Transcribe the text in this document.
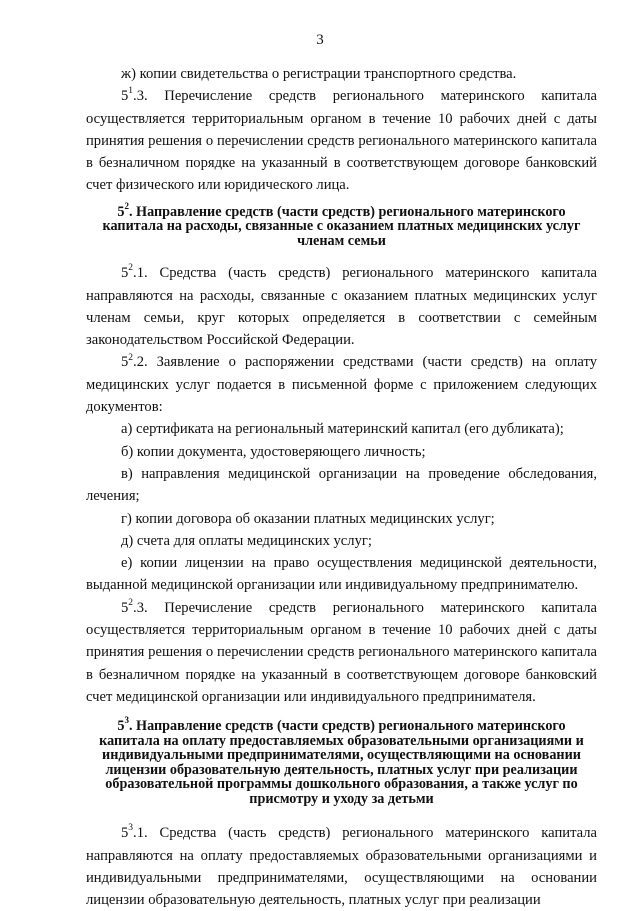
3

ж) копии свидетельства о регистрации транспортного средства.

$5^1.3$. Перечисление средств регионального материнского капитала осуществляется территориальным органом в течение 10 рабочих дней с даты принятия решения о перечислении средств регионального материнского капитала в безналичном порядке на указанный в соответствующем договоре банковский счет физического или юридического лица.

$5^2$. Направление средств (части средств) регионального материнского капитала на расходы, связанные с оказанием платных медицинских услуг членам семьи

$5^2.1$. Средства (часть средств) регионального материнского капитала направляются на расходы, связанные с оказанием платных медицинских услуг членам семьи, круг которых определяется в соответствии с семейным законодательством Российской Федерации.

$5^2.2$. Заявление о распоряжении средствами (части средств) на оплату медицинских услуг подается в письменной форме с приложением следующих документов:

а) сертификата на региональный материнский капитал (его дубликата);

б) копии документа, удостоверяющего личность;

в) направления медицинской организации на проведение обследования, лечения;

г) копии договора об оказании платных медицинских услуг;

д) счета для оплаты медицинских услуг;

е) копии лицензии на право осуществления медицинской деятельности, выданной медицинской организации или индивидуальному предпринимателю.

$5^2.3$. Перечисление средств регионального материнского капитала осуществляется территориальным органом в течение 10 рабочих дней с даты принятия решения о перечислении средств регионального материнского капитала в безналичном порядке на указанный в соответствующем договоре банковский счет медицинской организации или индивидуального предпринимателя.

$5^3$. Направление средств (части средств) регионального материнского капитала на оплату предоставляемых образовательными организациями и индивидуальными предпринимателями, осуществляющими на основании лицензии образовательную деятельность, платных услуг при реализации образовательной программы дошкольного образования, а также услуг по присмотру и уходу за детьми

$5^3.1$. Средства (часть средств) регионального материнского капитала направляются на оплату предоставляемых образовательными организациями и индивидуальными предпринимателями, осуществляющими на основании лицензии образовательную деятельность, платных услуг при реализации
